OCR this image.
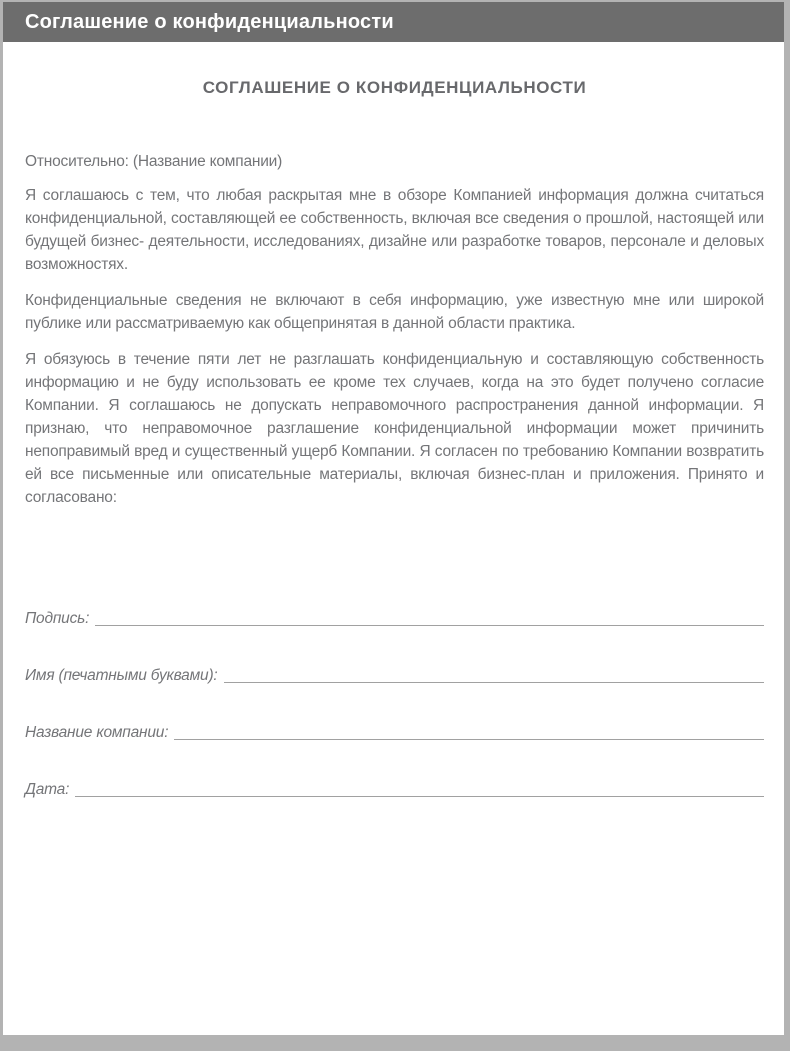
Соглашение о конфиденциальности
СОГЛАШЕНИЕ О КОНФИДЕНЦИАЛЬНОСТИ
Относительно: (Название компании)
Я соглашаюсь с тем, что любая раскрытая мне в обзоре Компанией информация должна считаться конфиденциальной, составляющей ее собственность, включая все сведения о прошлой, настоящей или будущей бизнес- деятельности, исследованиях, дизайне или разработке товаров, персонале и деловых возможностях.
Конфиденциальные сведения не включают в себя информацию, уже известную мне или широкой публике или рассматриваемую как общепринятая в данной области практика.
Я обязуюсь в течение пяти лет не разглашать конфиденциальную и составляющую собственность информацию и не буду использовать ее кроме тех случаев, когда на это будет получено согласие Компании. Я соглашаюсь не допускать неправомочного распространения данной информации. Я признаю, что неправомочное разглашение конфиденциальной информации может причинить непоправимый вред и существенный ущерб Компании. Я согласен по требованию Компании возвратить ей все письменные или описательные материалы, включая бизнес-план и приложения. Принято и согласовано:
Подпись:
Имя (печатными буквами):
Название компании:
Дата:
